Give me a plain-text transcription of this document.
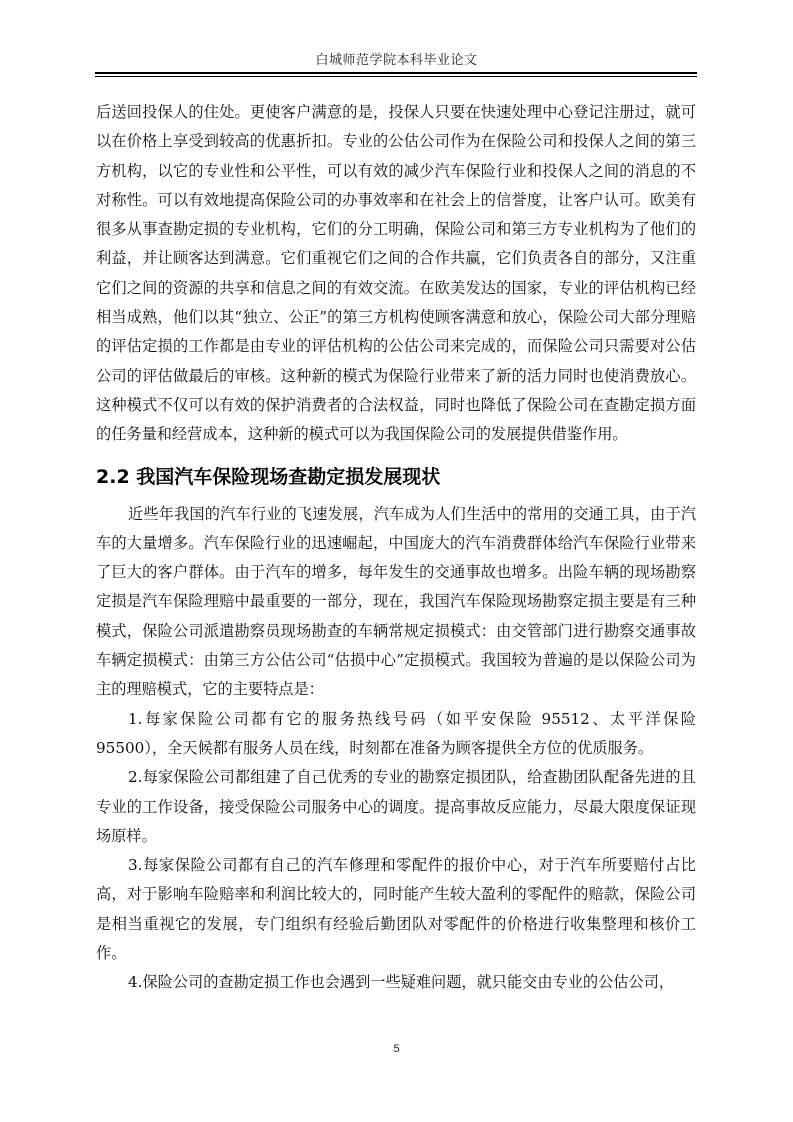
白城师范学院本科毕业论文

后送回投保人的住处。更使客户满意的是，投保人只要在快速处理中心登记注册过，就可以在价格上享受到较高的优惠折扣。专业的公估公司作为在保险公司和投保人之间的第三方机构，以它的专业性和公平性，可以有效的减少汽车保险行业和投保人之间的消息的不对称性。可以有效地提高保险公司的办事效率和在社会上的信誉度，让客户认可。欧美有很多从事查勘定损的专业机构，它们的分工明确，保险公司和第三方专业机构为了他们的利益，并让顾客达到满意。它们重视它们之间的合作共赢，它们负责各自的部分，又注重它们之间的资源的共享和信息之间的有效交流。在欧美发达的国家，专业的评估机构已经相当成熟，他们以其“独立、公正”的第三方机构使顾客满意和放心，保险公司大部分理赔的评估定损的工作都是由专业的评估机构的公估公司来完成的，而保险公司只需要对公估公司的评估做最后的审核。这种新的模式为保险行业带来了新的活力同时也使消费放心。这种模式不仅可以有效的保护消费者的合法权益，同时也降低了保险公司在查勘定损方面的任务量和经营成本，这种新的模式可以为我国保险公司的发展提供借鉴作用。

2.2 我国汽车保险现场查勘定损发展现状

近些年我国的汽车行业的飞速发展，汽车成为人们生活中的常用的交通工具，由于汽车的大量增多。汽车保险行业的迅速崛起，中国庞大的汽车消费群体给汽车保险行业带来了巨大的客户群体。由于汽车的增多，每年发生的交通事故也增多。出险车辆的现场勘察定损是汽车保险理赔中最重要的一部分，现在，我国汽车保险现场勘察定损主要是有三种模式，保险公司派遣勘察员现场勘查的车辆常规定损模式：由交管部门进行勘察交通事故车辆定损模式：由第三方公估公司“估损中心”定损模式。我国较为普遍的是以保险公司为主的理赔模式，它的主要特点是：

1.每家保险公司都有它的服务热线号码（如平安保险 95512、太平洋保险 95500），全天候都有服务人员在线，时刻都在准备为顾客提供全方位的优质服务。

2.每家保险公司都组建了自己优秀的专业的勘察定损团队，给查勘团队配备先进的且专业的工作设备，接受保险公司服务中心的调度。提高事故反应能力，尽最大限度保证现场原样。

3.每家保险公司都有自己的汽车修理和零配件的报价中心，对于汽车所要赔付占比高，对于影响车险赔率和利润比较大的，同时能产生较大盈利的零配件的赔款，保险公司是相当重视它的发展，专门组织有经验后勤团队对零配件的价格进行收集整理和核价工作。

4.保险公司的查勘定损工作也会遇到一些疑难问题，就只能交由专业的公估公司，

5
